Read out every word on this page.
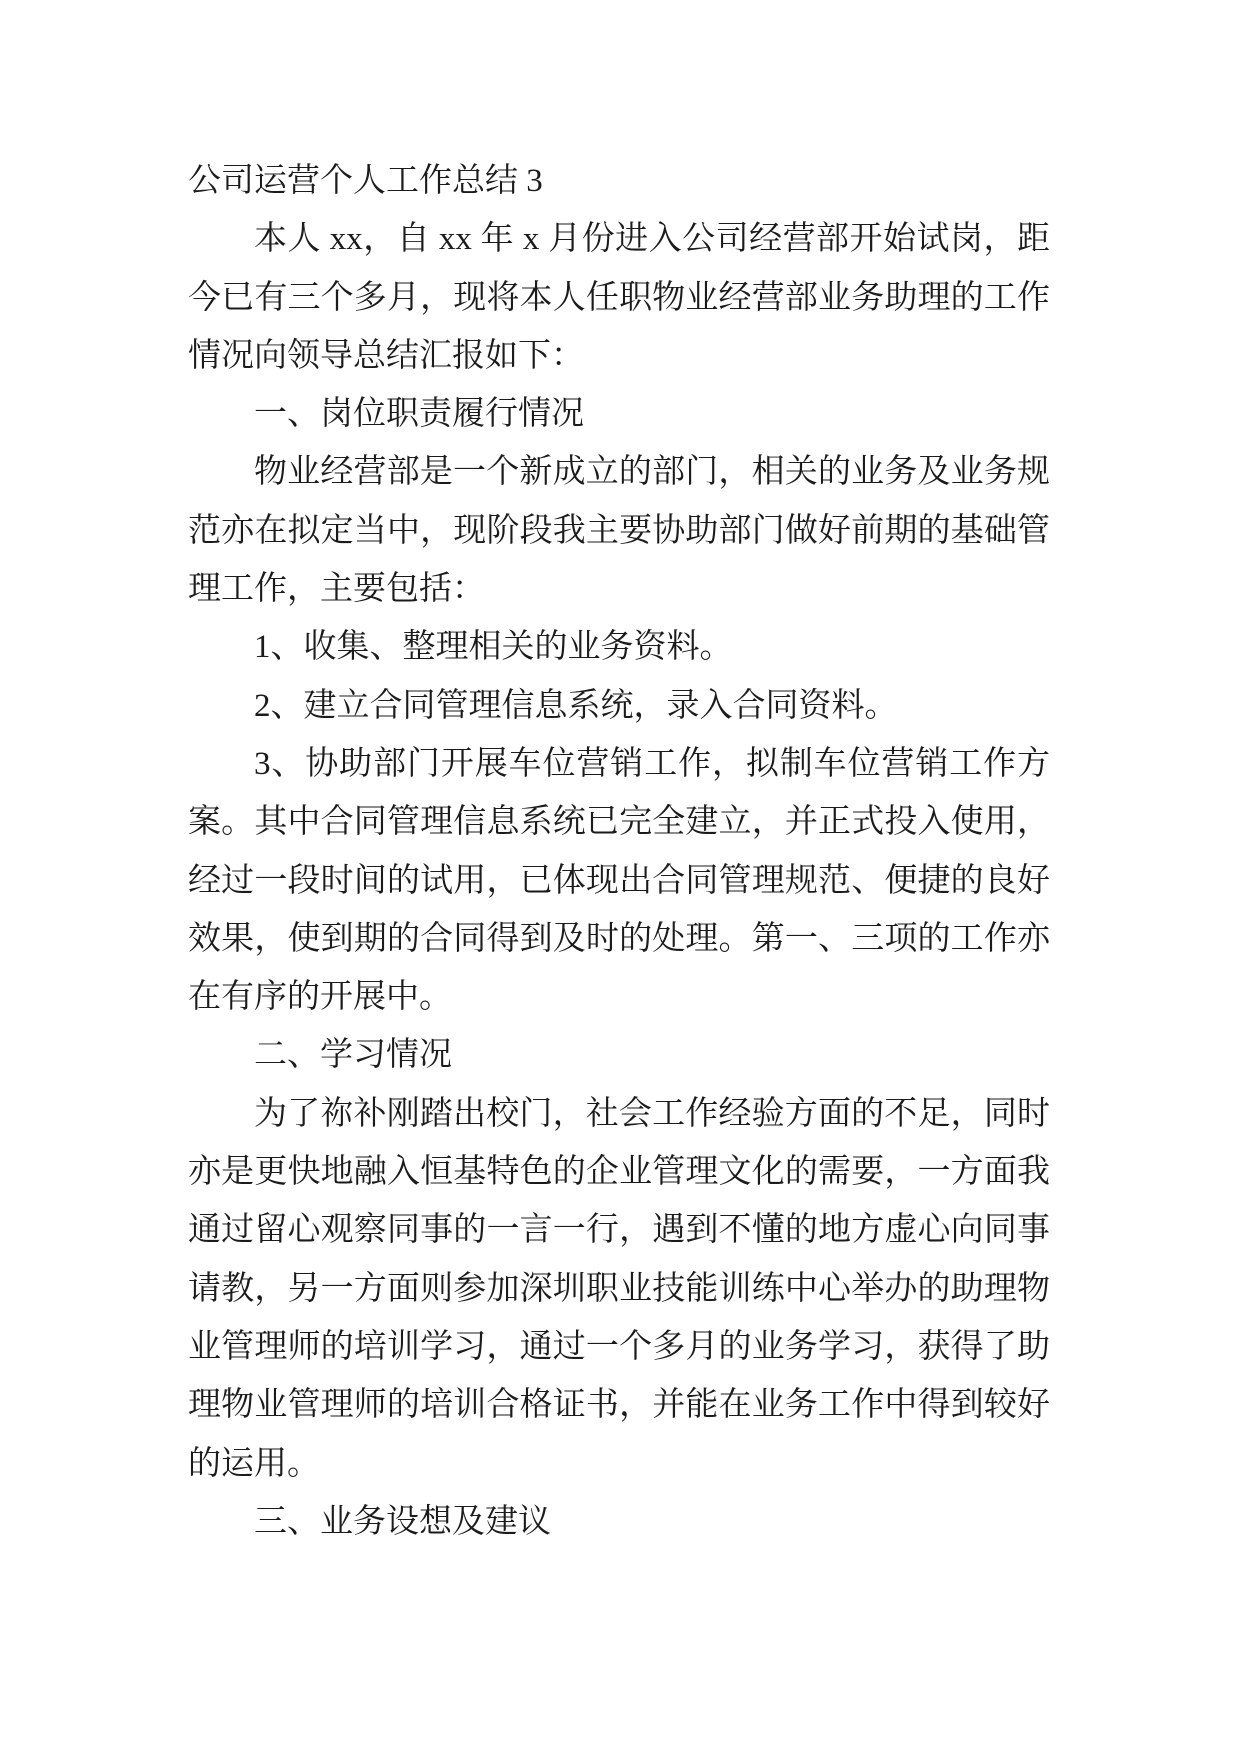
公司运营个人工作总结 3

本人 xx，自 xx 年 x 月份进入公司经营部开始试岗，距今已有三个多月，现将本人任职物业经营部业务助理的工作情况向领导总结汇报如下：

一、岗位职责履行情况

物业经营部是一个新成立的部门，相关的业务及业务规范亦在拟定当中，现阶段我主要协助部门做好前期的基础管理工作，主要包括：

1、收集、整理相关的业务资料。

2、建立合同管理信息系统，录入合同资料。

3、协助部门开展车位营销工作，拟制车位营销工作方案。其中合同管理信息系统已完全建立，并正式投入使用，经过一段时间的试用，已体现出合同管理规范、便捷的良好效果，使到期的合同得到及时的处理。第一、三项的工作亦在有序的开展中。

二、学习情况

为了祢补刚踏出校门，社会工作经验方面的不足，同时亦是更快地融入恒基特色的企业管理文化的需要，一方面我通过留心观察同事的一言一行，遇到不懂的地方虚心向同事请教，另一方面则参加深圳职业技能训练中心举办的助理物业管理师的培训学习，通过一个多月的业务学习，获得了助理物业管理师的培训合格证书，并能在业务工作中得到较好的运用。

三、业务设想及建议
